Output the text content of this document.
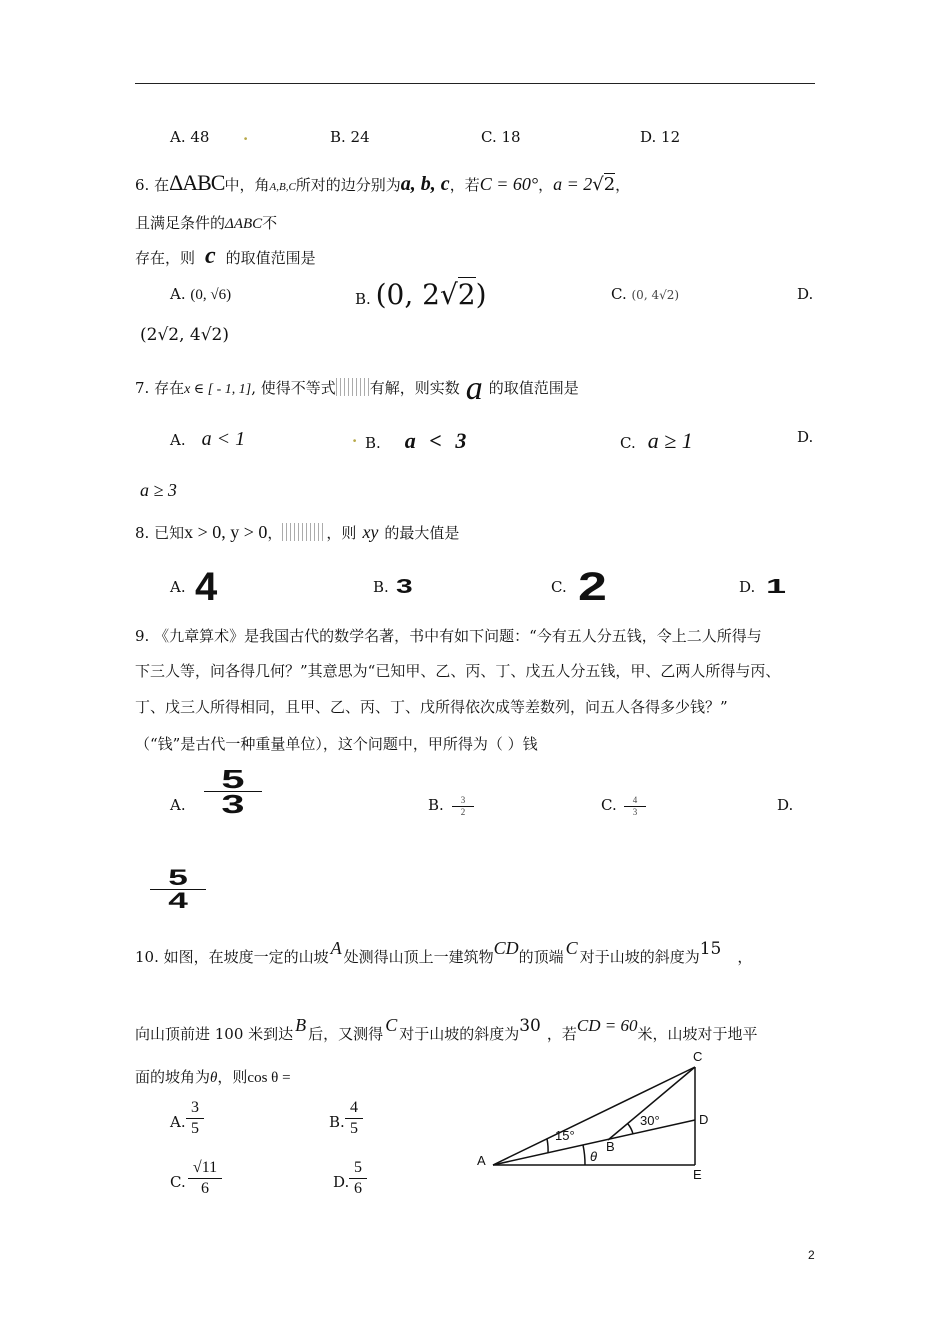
A. 48 .	B. 24	C. 18	D. 12
6. 在ΔABC中，角A,B,C所对的边分别为a, b, c，若C = 60°，a = 2√2，
且满足条件的ΔABC不
存在，则 c 的取值范围是
A. (0, √6)	B. (0, 2√2)	C. (0, 4√2)	D.
(2√2, 4√2)
7. 存在x ∈ [ - 1, 1], 使得不等式 有解，则实数 a 的取值范围是
A. a < 1	. B. a < 3	C. a ≥ 1	D.
a ≥ 3
8. 已知x > 0, y > 0，	，则 xy 的最大值是
A. 4	B. 3	C. 2	D. 1
9. 《九章算术》是我国古代的数学名著，书中有如下问题：“今有五人分五钱，令上二人所得与
下三人等，问各得几何？”其意思为“已知甲、乙、丙、丁、戊五人分五钱，甲、乙两人所得与丙、
丁、戊三人所得相同，且甲、乙、丙、丁、戊所得依次成等差数列，问五人各得多少钱？”
（“钱”是古代一种重量单位），这个问题中，甲所得为（ ）钱
A.
5
3	B.	3
2	C.	4
3	D.
5
4
10. 如图，在坡度一定的山坡 A 处测得山顶上一建筑物CD的顶端 C 对于山坡的斜度为15 ，
向山顶前进 100 米到达 B 后，又测得 C 对于山坡的斜度为30 ，若CD = 60米，山坡对于地平
面的坡角为θ，则cos θ =
A.
3
5	B.
4
5
C.
√11
6	D.
5
6
C
D
A
B
E
15°
30°
θ
2
